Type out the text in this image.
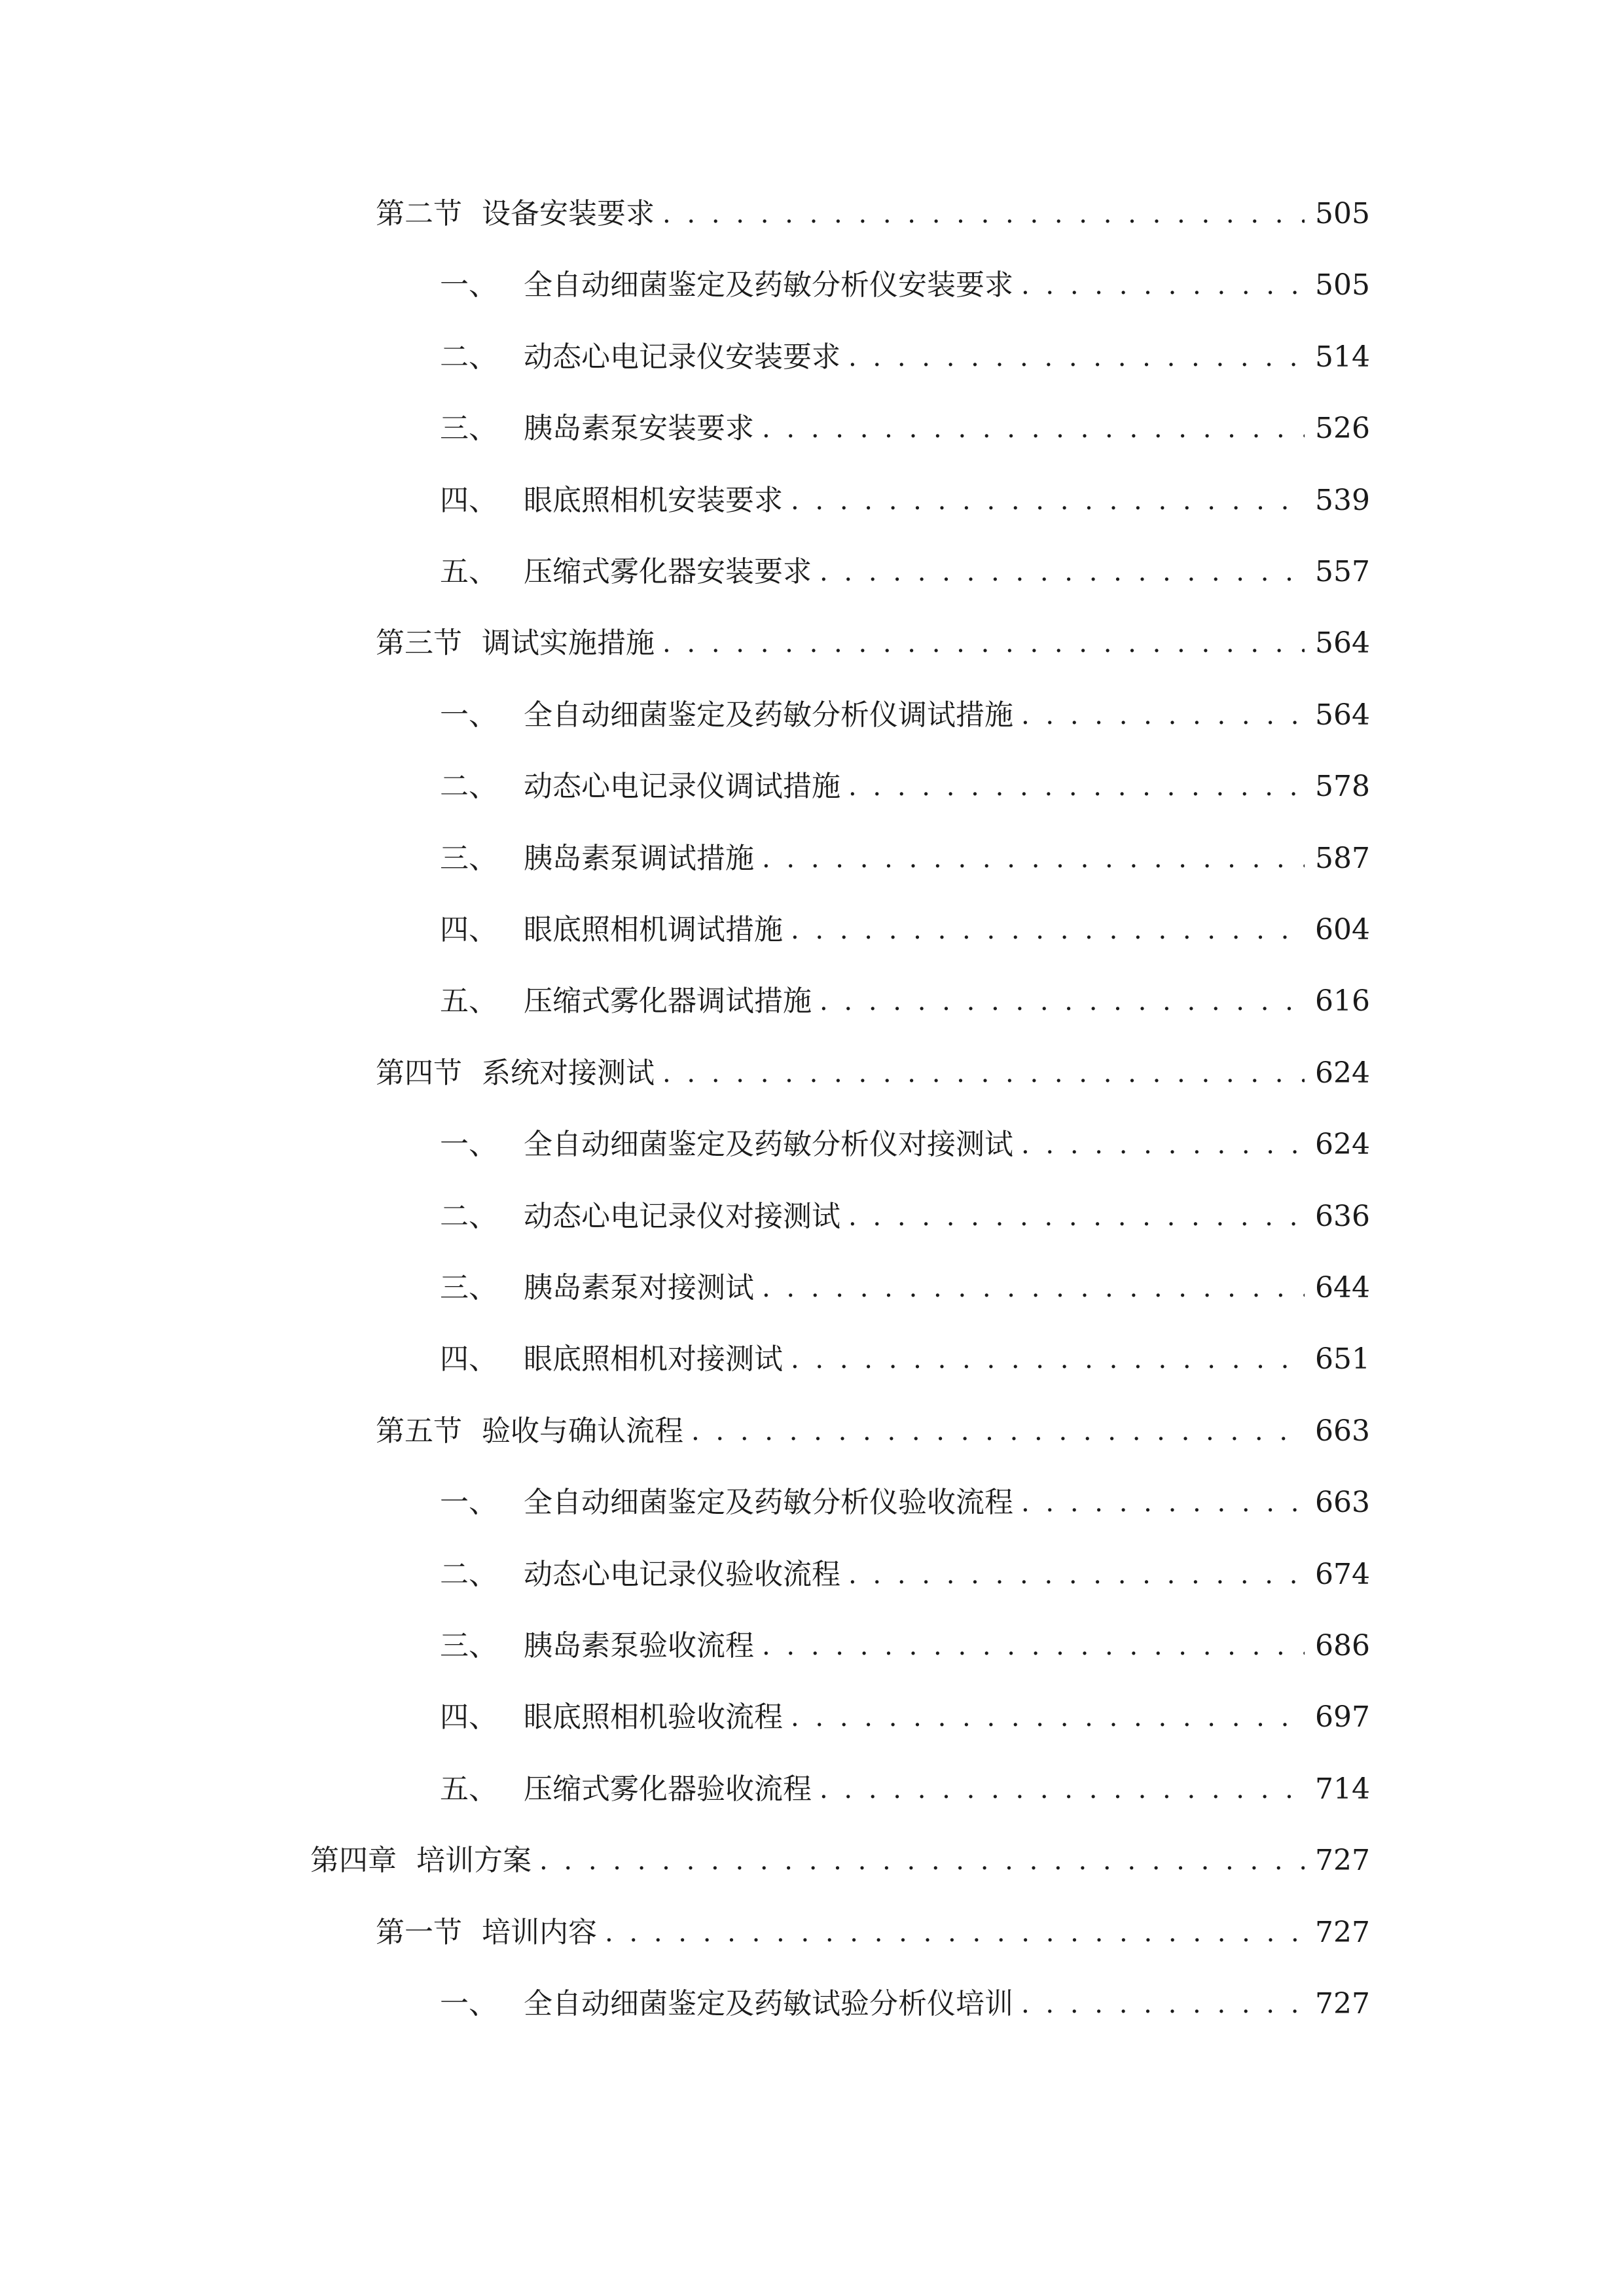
第二节 设备安装要求 . . .	505
一、 全自动细菌鉴定及药敏分析仪安装要求 . . .	505
二、 动态心电记录仪安装要求 . . .	514
三、 胰岛素泵安装要求 . . .	526
四、 眼底照相机安装要求 . . .	539
五、 压缩式雾化器安装要求 . . .	557
第三节 调试实施措施 . . .	564
一、 全自动细菌鉴定及药敏分析仪调试措施 . . .	564
二、 动态心电记录仪调试措施 . . .	578
三、 胰岛素泵调试措施 . . .	587
四、 眼底照相机调试措施 . . .	604
五、 压缩式雾化器调试措施 . . .	616
第四节 系统对接测试 . . .	624
一、 全自动细菌鉴定及药敏分析仪对接测试 . . .	624
二、 动态心电记录仪对接测试 . . .	636
三、 胰岛素泵对接测试 . . .	644
四、 眼底照相机对接测试 . . .	651
第五节 验收与确认流程 . . .	663
一、 全自动细菌鉴定及药敏分析仪验收流程 . . .	663
二、 动态心电记录仪验收流程 . . .	674
三、 胰岛素泵验收流程 . . .	686
四、 眼底照相机验收流程 . . .	697
五、 压缩式雾化器验收流程 . . .	714
第四章 培训方案 . . .	727
第一节 培训内容 . . .	727
一、 全自动细菌鉴定及药敏试验分析仪培训 . . .	727
